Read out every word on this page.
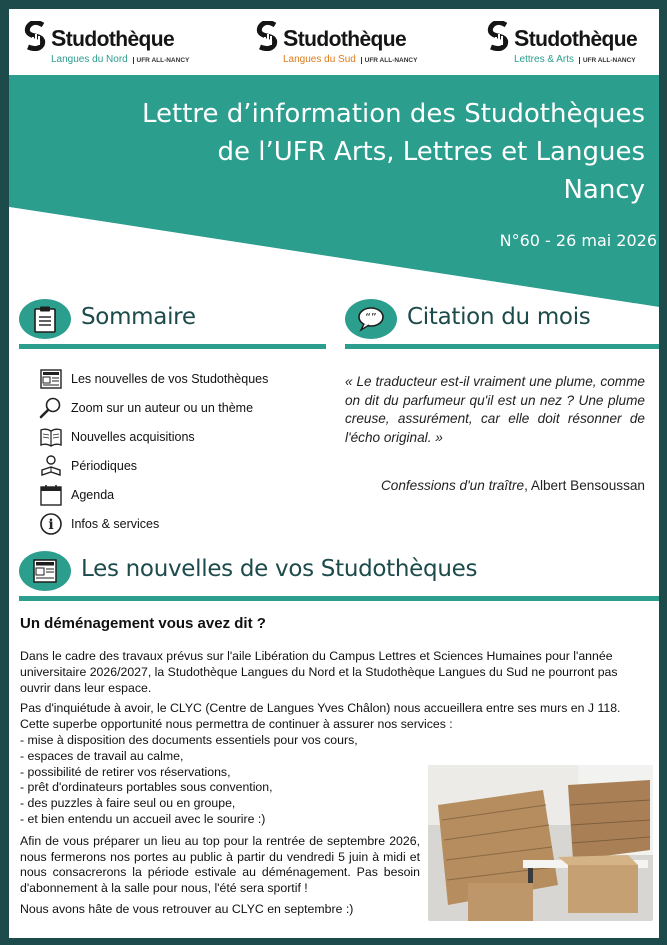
Studothèque
Langues du Nord UFR ALL-NANCY
Studothèque
Langues du Sud UFR ALL-NANCY
Studothèque
Lettres & Arts UFR ALL-NANCY
Lettre d’information des Studothèques
de l’UFR Arts, Lettres et Langues
Nancy
N°60 - 26 mai 2026
Sommaire	“” Citation du mois
Les nouvelles de vos Studothèques
Zoom sur un auteur ou un thème
Nouvelles acquisitions
Périodiques
Agenda
i Infos & services
« Le traducteur est-il vraiment une plume, comme on dit du parfumeur qu'il est un nez ? Une plume creuse, assurément, car elle doit résonner de l'écho original. »
Confessions d'un traître, Albert Bensoussan
Les nouvelles de vos Studothèques
Un déménagement vous avez dit ?

Dans le cadre des travaux prévus sur l'aile Libération du Campus Lettres et Sciences Humaines pour l'année universitaire 2026/2027, la Studothèque Langues du Nord et la Studothèque Langues du Sud ne pourront pas ouvrir dans leur espace.

Pas d'inquiétude à avoir, le CLYC (Centre de Langues Yves Châlon) nous accueillera entre ses murs en J 118.
Cette superbe opportunité nous permettra de continuer à assurer nos services :
- mise à disposition des documents essentiels pour vos cours,
- espaces de travail au calme,
- possibilité de retirer vos réservations,
- prêt d'ordinateurs portables sous convention,
- des puzzles à faire seul ou en groupe,
- et bien entendu un accueil avec le sourire :)

Afin de vous préparer un lieu au top pour la rentrée de septembre 2026, nous fermerons nos portes au public à partir du vendredi 5 juin à midi et nous consacrerons la période estivale au déménagement. Pas besoin d'abonnement à la salle pour nous, l'été sera sportif !

Nous avons hâte de vous retrouver au CLYC en septembre :)
